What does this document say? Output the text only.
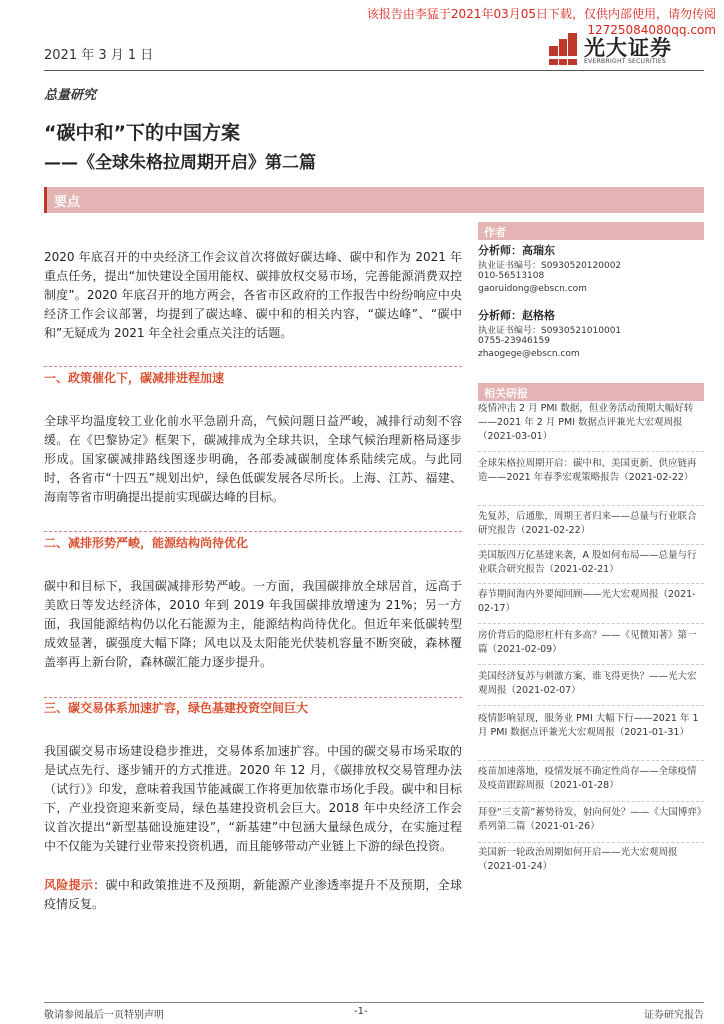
该报告由李猛于2021年03月05日下载，仅供内部使用，请勿传阅
12725084080qq.com
2021 年 3 月 1 日	光大证券
EVERBRIGHT SECURITIES
总量研究
“碳中和”下的中国方案
——《全球朱格拉周期开启》第二篇
要点

2020 年底召开的中央经济工作会议首次将做好碳达峰、碳中和作为 2021 年重点任务，提出“加快建设全国用能权、碳排放权交易市场，完善能源消费双控制度”。2020 年底召开的地方两会，各省市区政府的工作报告中纷纷响应中央经济工作会议部署，均提到了碳达峰、碳中和的相关内容，“碳达峰”、“碳中和”无疑成为 2021 年全社会重点关注的话题。

一、政策催化下，碳减排进程加速

全球平均温度较工业化前水平急剧升高，气候问题日益严峻，减排行动刻不容缓。在《巴黎协定》框架下，碳减排成为全球共识，全球气候治理新格局逐步形成。国家碳减排路线图逐步明确，各部委减碳制度体系陆续完成。与此同时，各省市“十四五”规划出炉，绿色低碳发展各尽所长。上海、江苏、福建、海南等省市明确提出提前实现碳达峰的目标。

二、减排形势严峻，能源结构尚待优化

碳中和目标下，我国碳减排形势严峻。一方面，我国碳排放全球居首，远高于美欧日等发达经济体，2010 年到 2019 年我国碳排放增速为 21%；另一方面，我国能源结构仍以化石能源为主，能源结构尚待优化。但近年来低碳转型成效显著，碳强度大幅下降；风电以及太阳能光伏装机容量不断突破，森林覆盖率再上新台阶，森林碳汇能力逐步提升。

三、碳交易体系加速扩容，绿色基建投资空间巨大

我国碳交易市场建设稳步推进，交易体系加速扩容。中国的碳交易市场采取的是试点先行、逐步铺开的方式推进。2020 年 12 月，《碳排放权交易管理办法（试行）》印发，意味着我国节能减碳工作将更加依靠市场化手段。碳中和目标下，产业投资迎来新变局，绿色基建投资机会巨大。2018 年中央经济工作会议首次提出“新型基础设施建设”，“新基建”中包涵大量绿色成分，在实施过程中不仅能为关键行业带来投资机遇，而且能够带动产业链上下游的绿色投资。

风险提示：碳中和政策推进不及预期，新能源产业渗透率提升不及预期，全球疫情反复。

作者
分析师：高瑞东
执业证书编号：S0930520120002
010-56513108
gaoruidong@ebscn.com
分析师：赵格格
执业证书编号：S0930521010001
0755-23946159
zhaogege@ebscn.com
相关研报

疫情冲击 2 月 PMI 数据，但业务活动预期大幅好转——2021 年 2 月 PMI 数据点评兼光大宏观周报（2021-03-01）

全球朱格拉周期开启：碳中和、美国更新、供应链再造——2021 年春季宏观策略报告（2021-02-22）

先复苏，后通胀，周期王者归来——总量与行业联合研究报告（2021-02-22）

美国版四万亿基建来袭，A 股如何布局——总量与行业联合研究报告（2021-02-21）

春节期间海内外要闻回顾——光大宏观周报（2021-02-17）

房价背后的隐形杠杆有多高？——《见微知著》第一篇（2021-02-09）

美国经济复苏与刺激方案，谁飞得更快？——光大宏观周报（2021-02-07）

疫情影响显现，服务业 PMI 大幅下行——2021 年 1 月 PMI 数据点评兼光大宏观周报（2021-01-31）

疫苗加速落地，疫情发展不确定性尚存——全球疫情及疫苗跟踪周报（2021-01-28）

拜登“三支箭”蓄势待发，射向何处？——《大国博弈》系列第二篇（2021-01-26）

美国新一轮政治周期如何开启——光大宏观周报（2021-01-24）

敬请参阅最后一页特别声明	-1-	证券研究报告
